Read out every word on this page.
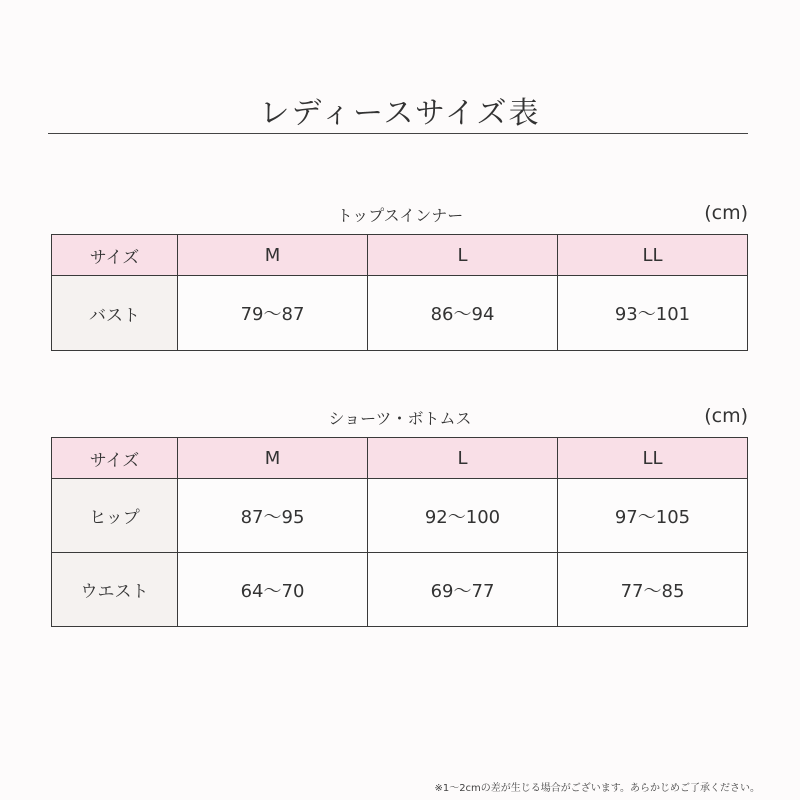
レディースサイズ表
トップスインナー	(cm)
サイズ	M	L	LL
バスト	79～87	86～94	93～101
ショーツ・ボトムス	(cm)
サイズ	M	L	LL
ヒップ	87～95	92～100	97～105
ウエスト	64～70	69～77	77～85
※1～2cmの差が生じる場合がございます。あらかじめご了承ください。
